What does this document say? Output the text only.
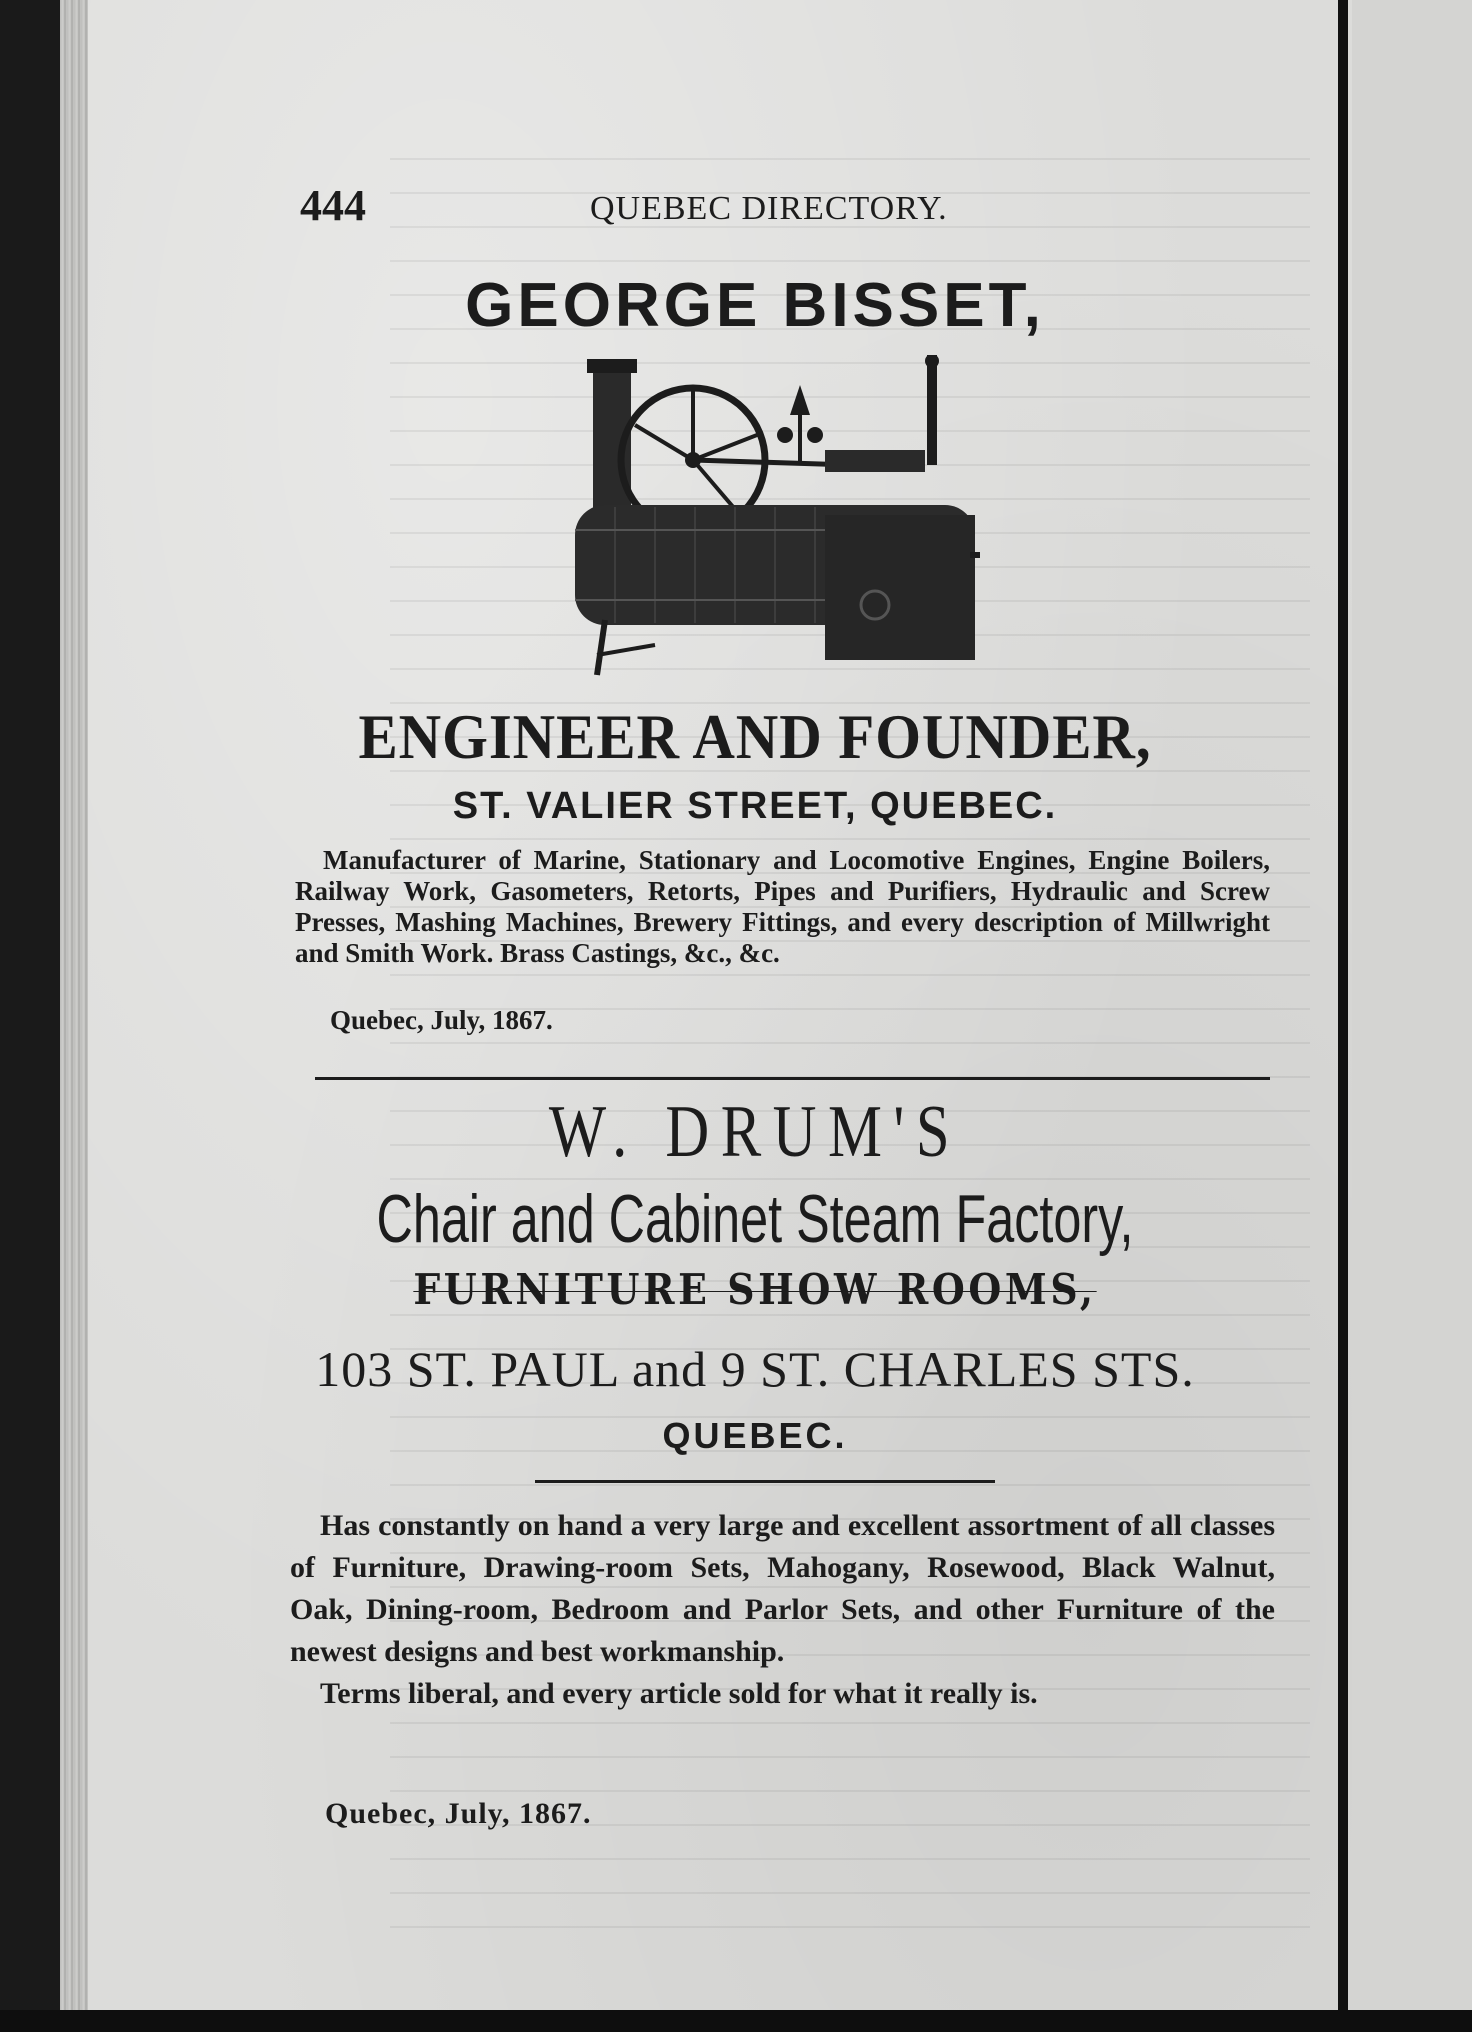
444	QUEBEC DIRECTORY.
GEORGE BISSET,
ENGINEER AND FOUNDER,
ST. VALIER STREET, QUEBEC.
Manufacturer of Marine, Stationary and Locomotive Engines, Engine Boilers, Railway Work, Gasometers, Retorts, Pipes and Purifiers, Hydraulic and Screw Presses, Mashing Machines, Brewery Fittings, and every description of Millwright and Smith Work. Brass Castings, &c., &c.
Quebec, July, 1867.
W. DRUM'S
Chair and Cabinet Steam Factory,
FURNITURE SHOW ROOMS,
103 ST. PAUL and 9 ST. CHARLES STS.
QUEBEC.

Has constantly on hand a very large and excellent assortment of all classes of Furniture, Drawing-room Sets, Mahogany, Rosewood, Black Walnut, Oak, Dining-room, Bedroom and Parlor Sets, and other Furniture of the newest designs and best workmanship.

Terms liberal, and every article sold for what it really is.

Quebec, July, 1867.
